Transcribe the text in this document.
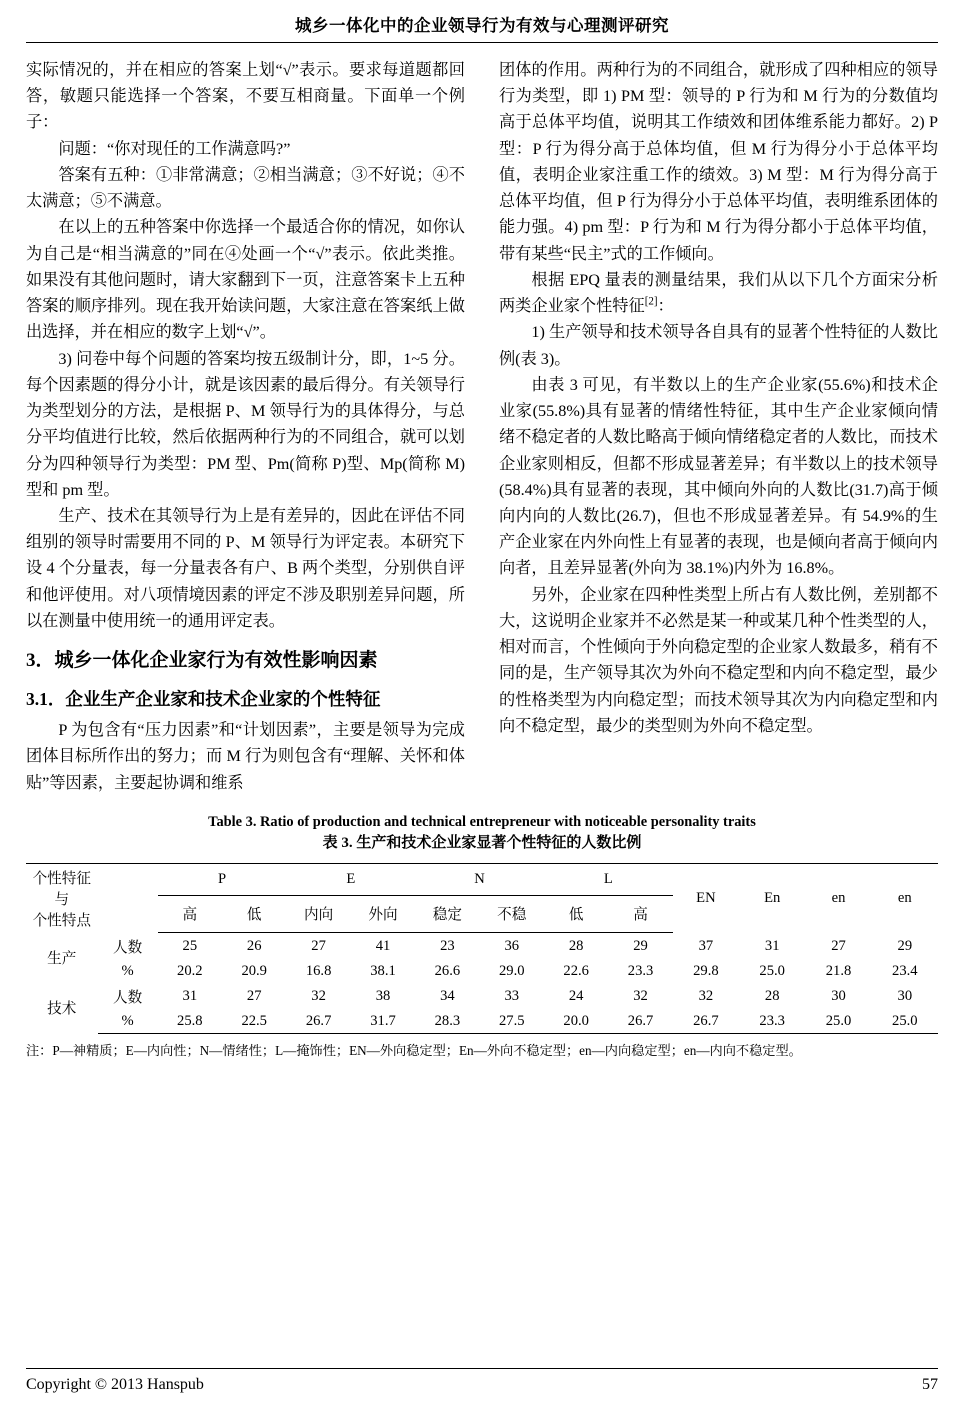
城乡一体化中的企业领导行为有效与心理测评研究

实际情况的，并在相应的答案上划“√”表示。要求每道题都回答，敏题只能选择一个答案，不要互相商量。下面单一个例子：

问题：“你对现任的工作满意吗?”

答案有五种：①非常满意；②相当满意；③不好说；④不太满意；⑤不满意。

在以上的五种答案中你选择一个最适合你的情况，如你认为自己是“相当满意的”同在④处画一个“√”表示。依此类推。如果没有其他问题时，请大家翻到下一页，注意答案卡上五种答案的顺序排列。现在我开始读问题，大家注意在答案纸上做出选择，并在相应的数字上划“√”。

3) 问卷中每个问题的答案均按五级制计分，即，1~5 分。每个因素题的得分小计，就是该因素的最后得分。有关领导行为类型划分的方法，是根据 P、M 领导行为的具体得分，与总分平均值进行比较，然后依据两种行为的不同组合，就可以划分为四种领导行为类型：PM 型、Pm(简称 P)型、Mp(简称 M)型和 pm 型。

生产、技术在其领导行为上是有差异的，因此在评估不同组别的领导时需要用不同的 P、M 领导行为评定表。本研究下设 4 个分量表，每一分量表各有户、B 两个类型，分别供自评和他评使用。对八项情境因素的评定不涉及职别差异问题，所以在测量中使用统一的通用评定表。

3．城乡一体化企业家行为有效性影响因素
3.1．企业生产企业家和技术企业家的个性特征

P 为包含有“压力因素”和“计划因素”，主要是领导为完成团体目标所作出的努力；而 M 行为则包含有“理解、关怀和体贴”等因素，主要起协调和维系

团体的作用。两种行为的不同组合，就形成了四种相应的领导行为类型，即 1) PM 型：领导的 P 行为和 M 行为的分数值均高于总体平均值，说明其工作绩效和团体维系能力都好。2) P 型：P 行为得分高于总体均值，但 M 行为得分小于总体平均值，表明企业家注重工作的绩效。3) M 型：M 行为得分高于总体平均值，但 P 行为得分小于总体平均值，表明维系团体的能力强。4) pm 型：P 行为和 M 行为得分都小于总体平均值，带有某些“民主”式的工作倾向。

根据 EPQ 量表的测量结果，我们从以下几个方面宋分析两类企业家个性特征[2]：

1) 生产领导和技术领导各自具有的显著个性特征的人数比例(表 3)。

由表 3 可见，有半数以上的生产企业家(55.6%)和技术企业家(55.8%)具有显著的情绪性特征，其中生产企业家倾向情绪不稳定者的人数比略高于倾向情绪稳定者的人数比，而技术企业家则相反，但都不形成显著差异；有半数以上的技术领导(58.4%)具有显著的表现，其中倾向外向的人数比(31.7)高于倾向内向的人数比(26.7)，但也不形成显著差异。有 54.9%的生产企业家在内外向性上有显著的表现，也是倾向者高于倾向内向者，且差异显著(外向为 38.1%)内外为 16.8%。

另外，企业家在四种性类型上所占有人数比例，差别都不大，这说明企业家并不必然是某一种或某几种个性类型的人，相对而言，个性倾向于外向稳定型的企业家人数最多，稍有不同的是，生产领导其次为外向不稳定型和内向不稳定型，最少的性格类型为内向稳定型；而技术领导其次为内向稳定型和内向不稳定型，最少的类型则为外向不稳定型。

Table 3. Ratio of production and technical entrepreneur with noticeable personality traits
表 3. 生产和技术企业家显著个性特征的人数比例
个性特征与
个性特点		P		E		N		L		EN	En	en	en
		高	低	内向	外向	稳定	不稳	低	高				
生产	人数	25	26	27	41	23	36	28	29	37	31	27	29
	%	20.2	20.9	16.8	38.1	26.6	29.0	22.6	23.3	29.8	25.0	21.8	23.4
技术	人数	31	27	32	38	34	33	24	32	32	28	30	30
	%	25.8	22.5	26.7	31.7	28.3	27.5	20.0	26.7	26.7	23.3	25.0	25.0
注：P—神精质；E—内向性；N—情绪性；L—掩饰性；EN—外向稳定型；En—外向不稳定型；en—内向稳定型；en—内向不稳定型。
Copyright © 2013 Hanspub	57
